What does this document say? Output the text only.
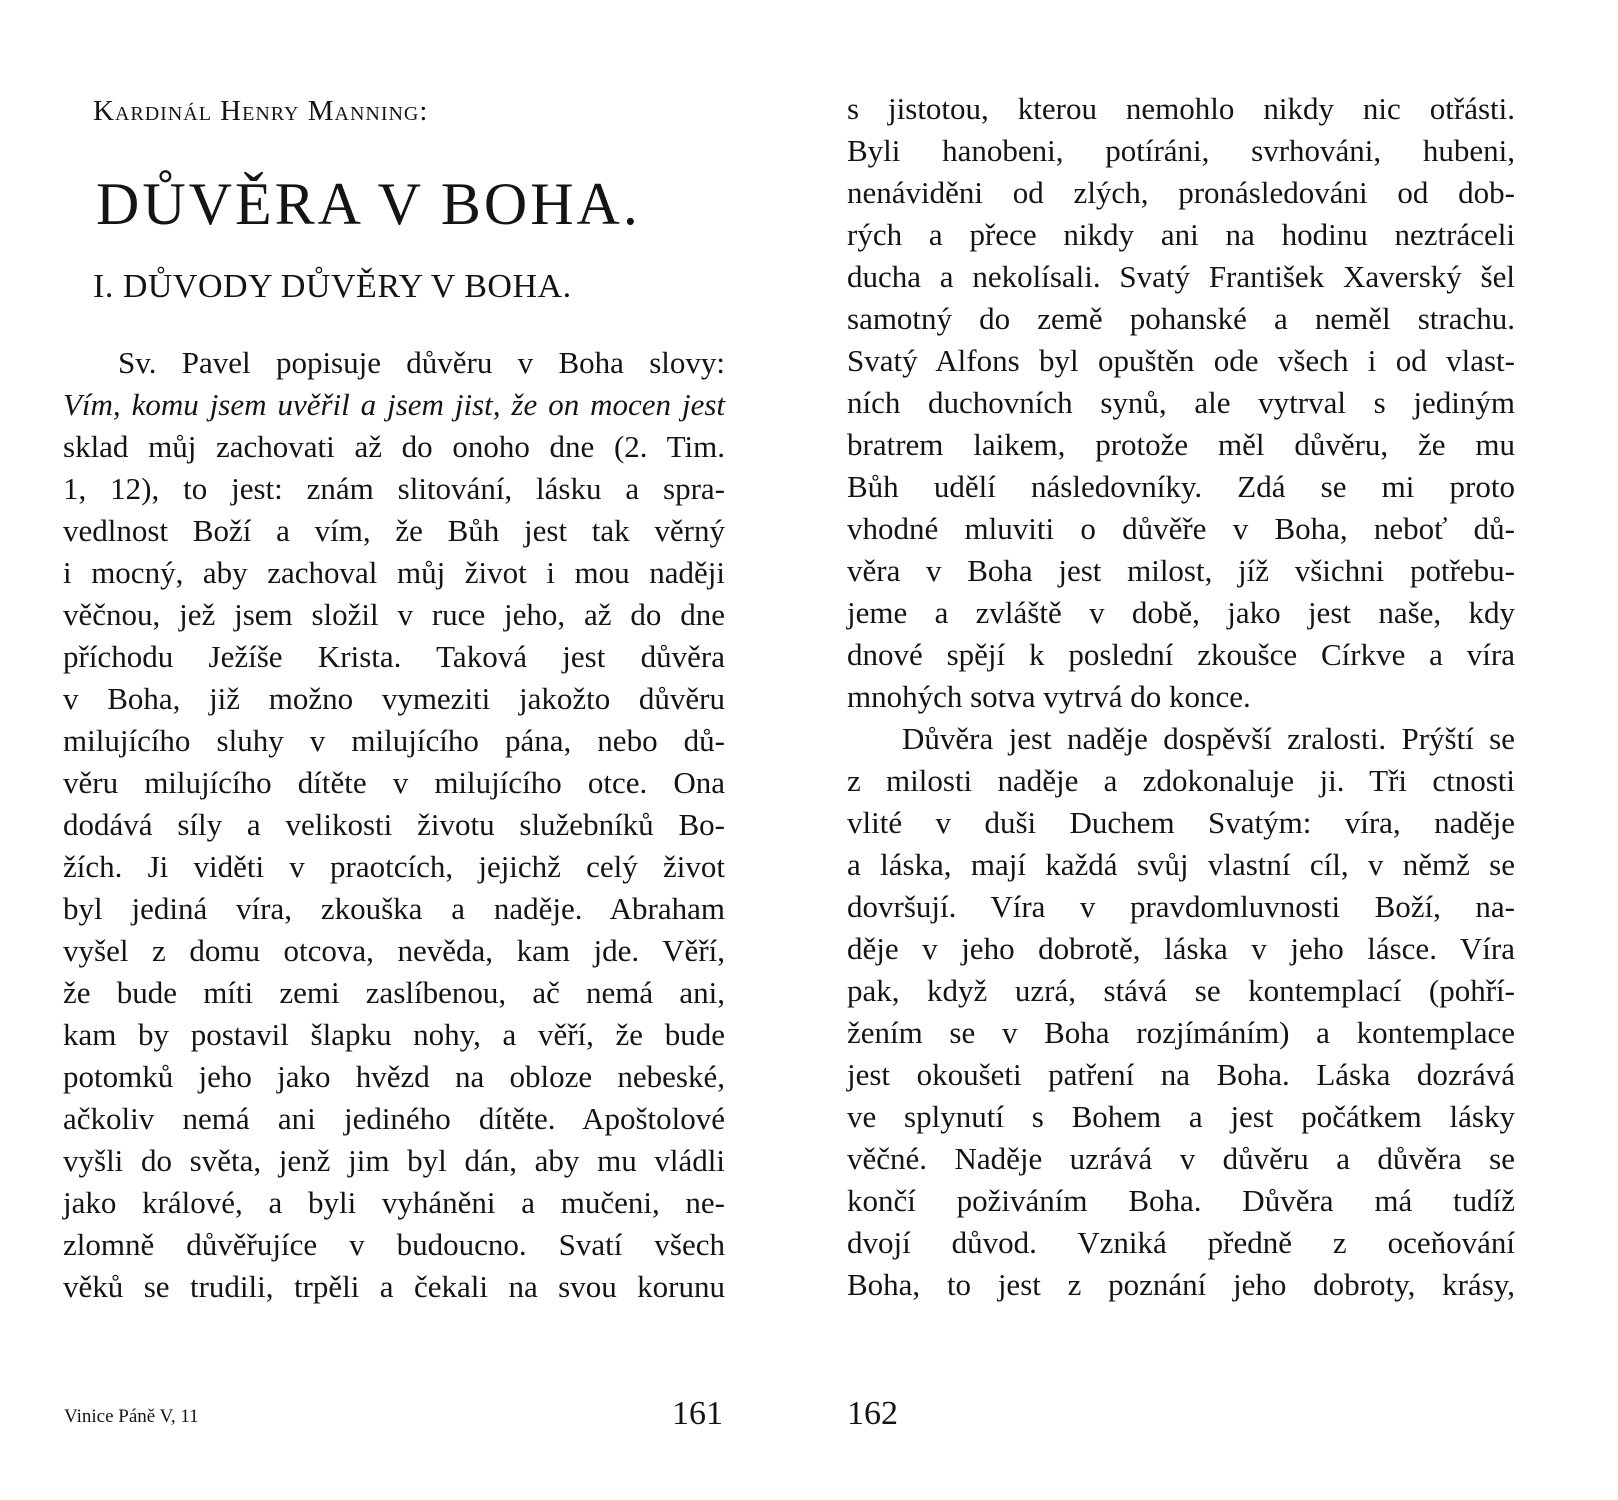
Kardinál Henry Manning:
DŮVĚRA V BOHA.
I. DŮVODY DŮVĚRY V BOHA.
Sv. Pavel popisuje důvěru v Boha slovy:
Vím, komu jsem uvěřil a jsem jist, že on mocen jest
sklad můj zachovati až do onoho dne (2. Tim.
1, 12), to jest: znám slitování, lásku a spra-
vedlnost Boží a vím, že Bůh jest tak věrný
i mocný, aby zachoval můj život i mou naději
věčnou, jež jsem složil v ruce jeho, až do dne
příchodu Ježíše Krista. Taková jest důvěra
v Boha, již možno vymeziti jakožto důvěru
milujícího sluhy v milujícího pána, nebo dů-
věru milujícího dítěte v milujícího otce. Ona
dodává síly a velikosti životu služebníků Bo-
žích. Ji viděti v praotcích, jejichž celý život
byl jediná víra, zkouška a naděje. Abraham
vyšel z domu otcova, nevěda, kam jde. Věří,
že bude míti zemi zaslíbenou, ač nemá ani,
kam by postavil šlapku nohy, a věří, že bude
potomků jeho jako hvězd na obloze nebeské,
ačkoliv nemá ani jediného dítěte. Apoštolové
vyšli do světa, jenž jim byl dán, aby mu vládli
jako králové, a byli vyháněni a mučeni, ne-
zlomně důvěřujíce v budoucno. Svatí všech
věků se trudili, trpěli a čekali na svou korunu
Vinice Páně V, 11	161
s jistotou, kterou nemohlo nikdy nic otřásti.
Byli hanobeni, potíráni, svrhováni, hubeni,
nenáviděni od zlých, pronásledováni od dob-
rých a přece nikdy ani na hodinu neztráceli
ducha a nekolísali. Svatý František Xaverský šel
samotný do země pohanské a neměl strachu.
Svatý Alfons byl opuštěn ode všech i od vlast-
ních duchovních synů, ale vytrval s jediným
bratrem laikem, protože měl důvěru, že mu
Bůh udělí následovníky. Zdá se mi proto
vhodné mluviti o důvěře v Boha, neboť dů-
věra v Boha jest milost, jíž všichni potřebu-
jeme a zvláště v době, jako jest naše, kdy
dnové spějí k poslední zkoušce Církve a víra
mnohých sotva vytrvá do konce.
Důvěra jest naděje dospěvší zralosti. Prýští se
z milosti naděje a zdokonaluje ji. Tři ctnosti
vlité v duši Duchem Svatým: víra, naděje
a láska, mají každá svůj vlastní cíl, v němž se
dovršují. Víra v pravdomluvnosti Boží, na-
děje v jeho dobrotě, láska v jeho lásce. Víra
pak, když uzrá, stává se kontemplací (pohří-
žením se v Boha rozjímáním) a kontemplace
jest okoušeti patření na Boha. Láska dozrává
ve splynutí s Bohem a jest počátkem lásky
věčné. Naděje uzrává v důvěru a důvěra se
končí poživáním Boha. Důvěra má tudíž
dvojí důvod. Vzniká předně z oceňování
Boha, to jest z poznání jeho dobroty, krásy,
162
